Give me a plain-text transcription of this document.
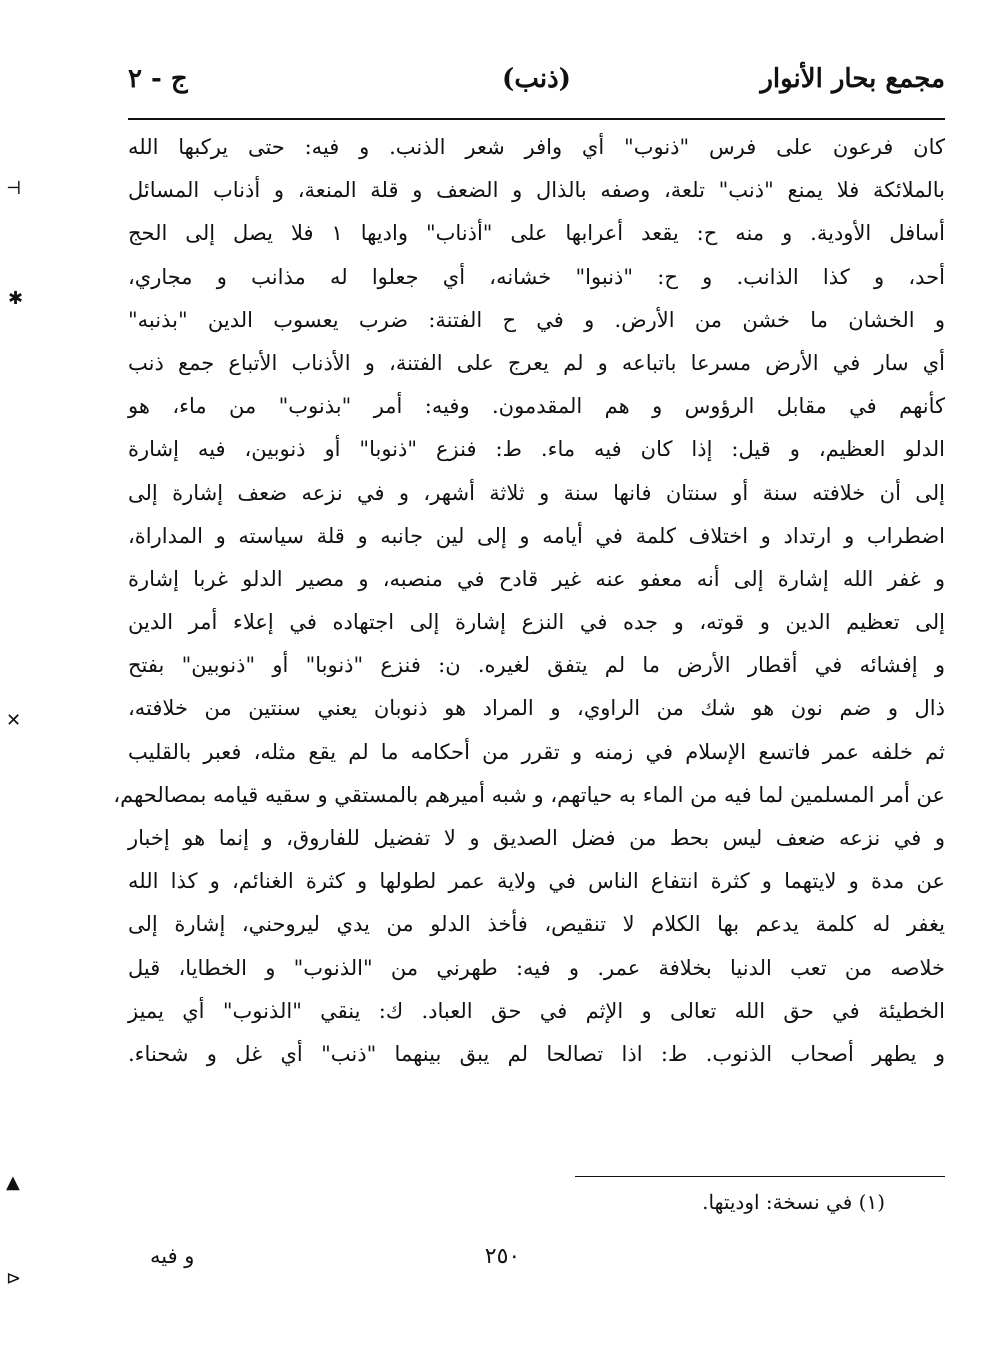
مجمع بحار الأنوار
(ذنب)
ج - ٢
كان فرعون على فرس "ذنوب" أي وافر شعر الذنب. و فيه: حتى يركبها الله
بالملائكة فلا يمنع "ذنب" تلعة، وصفه بالذال و الضعف و قلة المنعة، و أذناب المسائل
أسافل الأودية. و منه ح: يقعد أعرابها على "أذناب" واديها ١ فلا يصل إلى الحج
أحد، و كذا الذانب. و ح: "ذنبوا" خشانه، أي جعلوا له مذانب و مجاري،
و الخشان ما خشن من الأرض. و في ح الفتنة: ضرب يعسوب الدين "بذنبه"
أي سار في الأرض مسرعا باتباعه و لم يعرج على الفتنة، و الأذناب الأتباع جمع ذنب
كأنهم في مقابل الرؤوس و هم المقدمون. وفيه: أمر "بذنوب" من ماء، هو
الدلو العظيم، و قيل: إذا كان فيه ماء. ط: فنزع "ذنوبا" أو ذنوبين، فيه إشارة
إلى أن خلافته سنة أو سنتان فانها سنة و ثلاثة أشهر، و في نزعه ضعف إشارة إلى
اضطراب و ارتداد و اختلاف كلمة في أيامه و إلى لين جانبه و قلة سياسته و المداراة،
و غفر الله إشارة إلى أنه معفو عنه غير قادح في منصبه، و مصير الدلو غربا إشارة
إلى تعظيم الدين و قوته، و جده في النزع إشارة إلى اجتهاده في إعلاء أمر الدين
و إفشائه في أقطار الأرض ما لم يتفق لغيره. ن: فنزع "ذنوبا" أو "ذنوبين" بفتح
ذال و ضم نون هو شك من الراوي، و المراد هو ذنوبان يعني سنتين من خلافته،
ثم خلفه عمر فاتسع الإسلام في زمنه و تقرر من أحكامه ما لم يقع مثله، فعبر بالقليب
عن أمر المسلمين لما فيه من الماء به حياتهم، و شبه أميرهم بالمستقي و سقيه قيامه بمصالحهم،
و في نزعه ضعف ليس بحط من فضل الصديق و لا تفضيل للفاروق، و إنما هو إخبار
عن مدة و لايتهما و كثرة انتفاع الناس في ولاية عمر لطولها و كثرة الغنائم، و كذا الله
يغفر له كلمة يدعم بها الكلام لا تنقيص، فأخذ الدلو من يدي ليروحني، إشارة إلى
خلاصه من تعب الدنيا بخلافة عمر. و فيه: طهرني من "الذنوب" و الخطايا، قيل
الخطيئة في حق الله تعالى و الإثم في حق العباد. ك: ينقي "الذنوب" أي يميز
و يطهر أصحاب الذنوب. ط: اذا تصالحا لم يبق بينهما "ذنب" أي غل و شحناء.
(١) في نسخة: اوديتها.
٢٥٠
و فيه
⊣
✱
✕
▲
⊳
